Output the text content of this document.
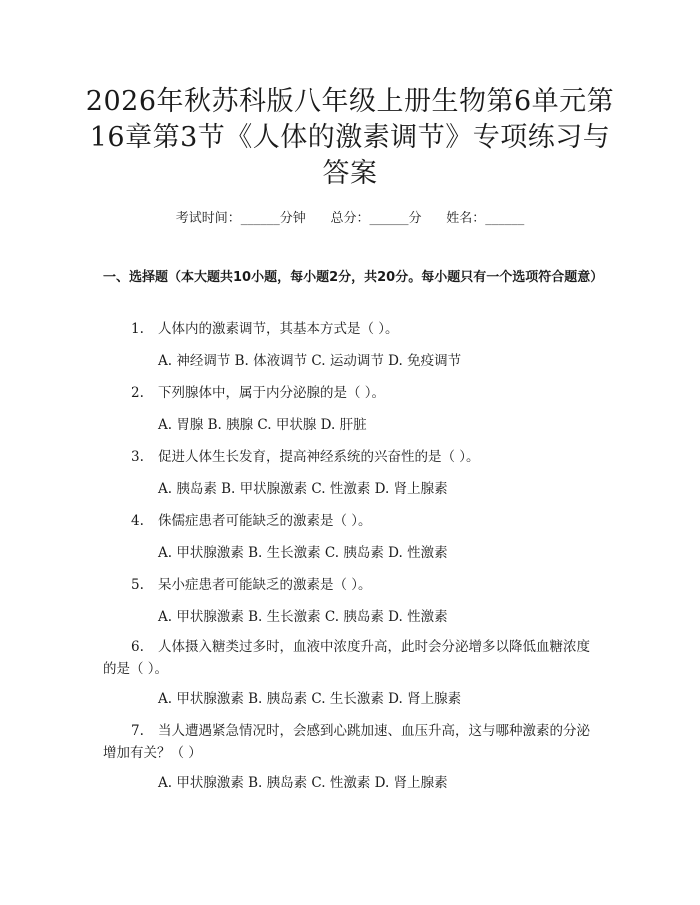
2026年秋苏科版八年级上册生物第6单元第
16章第3节《人体的激素调节》专项练习与
答案
考试时间：______分钟      总分：______分      姓名：______
一、选择题（本大题共10小题，每小题2分，共20分。每小题只有一个选项符合题意）
1. 人体内的激素调节，其基本方式是（ ）。
A. 神经调节 B. 体液调节 C. 运动调节 D. 免疫调节
2. 下列腺体中，属于内分泌腺的是（ ）。
A. 胃腺 B. 胰腺 C. 甲状腺 D. 肝脏
3. 促进人体生长发育，提高神经系统的兴奋性的是（ ）。
A. 胰岛素 B. 甲状腺激素 C. 性激素 D. 肾上腺素
4. 侏儒症患者可能缺乏的激素是（ ）。
A. 甲状腺激素 B. 生长激素 C. 胰岛素 D. 性激素
5. 呆小症患者可能缺乏的激素是（ ）。
A. 甲状腺激素 B. 生长激素 C. 胰岛素 D. 性激素
6. 人体摄入糖类过多时，血液中浓度升高，此时会分泌增多以降低血糖浓度的是（ ）。
A. 甲状腺激素 B. 胰岛素 C. 生长激素 D. 肾上腺素
7. 当人遭遇紧急情况时，会感到心跳加速、血压升高，这与哪种激素的分泌增加有关？（ ）
A. 甲状腺激素 B. 胰岛素 C. 性激素 D. 肾上腺素
